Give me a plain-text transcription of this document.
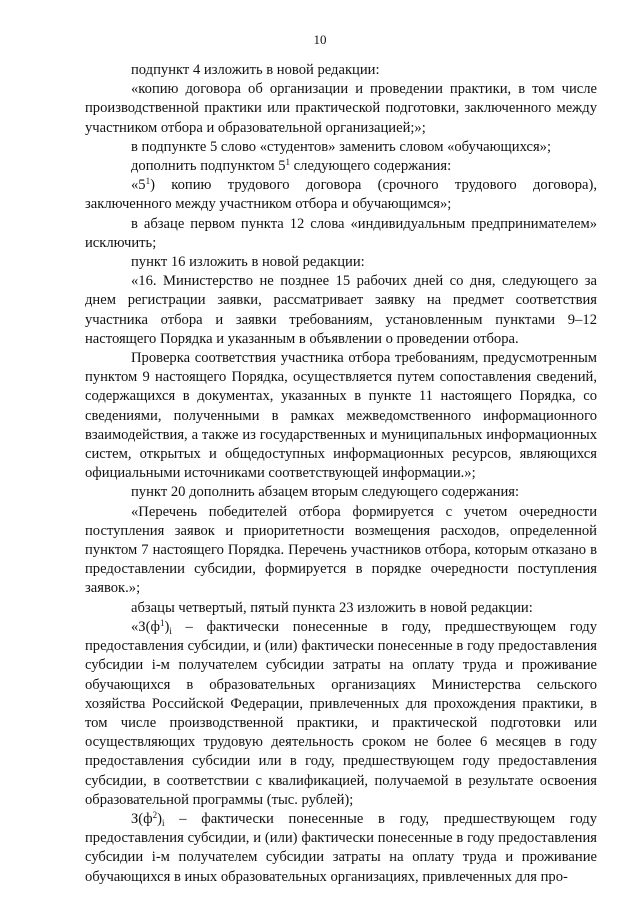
10

подпункт 4 изложить в новой редакции:

«копию договора об организации и проведении практики, в том числе производственной практики или практической подготовки, заключенного между участником отбора и образовательной организацией;»;

в подпункте 5 слово «студентов» заменить словом «обучающихся»;

дополнить подпунктом $5^1$ следующего содержания:

«$5^1$) копию трудового договора (срочного трудового договора), заключенного между участником отбора и обучающимся»;

в абзаце первом пункта 12 слова «индивидуальным предпринимателем» исключить;

пункт 16 изложить в новой редакции:

«16. Министерство не позднее 15 рабочих дней со дня, следующего за днем регистрации заявки, рассматривает заявку на предмет соответствия участника отбора и заявки требованиям, установленным пунктами 9–12 настоящего Порядка и указанным в объявлении о проведении отбора.

Проверка соответствия участника отбора требованиям, предусмотренным пунктом 9 настоящего Порядка, осуществляется путем сопоставления сведений, содержащихся в документах, указанных в пункте 11 настоящего Порядка, со сведениями, полученными в рамках межведомственного информационного взаимодействия, а также из государственных и муниципальных информационных систем, открытых и общедоступных информационных ресурсов, являющихся официальными источниками соответствующей информации.»;

пункт 20 дополнить абзацем вторым следующего содержания:

«Перечень победителей отбора формируется с учетом очередности поступления заявок и приоритетности возмещения расходов, определенной пунктом 7 настоящего Порядка. Перечень участников отбора, которым отказано в предоставлении субсидии, формируется в порядке очередности поступления заявок.»;

абзацы четвертый, пятый пункта 23 изложить в новой редакции:

«$З(ф^1)_i$ – фактически понесенные в году, предшествующем году предоставления субсидии, и (или) фактически понесенные в году предоставления субсидии i-м получателем субсидии затраты на оплату труда и проживание обучающихся в образовательных организациях Министерства сельского хозяйства Российской Федерации, привлеченных для прохождения практики, в том числе производственной практики, и практической подготовки или осуществляющих трудовую деятельность сроком не более 6 месяцев в году предоставления субсидии или в году, предшествующем году предоставления субсидии, в соответствии с квалификацией, получаемой в результате освоения образовательной программы (тыс. рублей);

$З(ф^2)_i$ – фактически понесенные в году, предшествующем году предоставления субсидии, и (или) фактически понесенные в году предоставления субсидии i-м получателем субсидии затраты на оплату труда и проживание обучающихся в иных образовательных организациях, привлеченных для про-
